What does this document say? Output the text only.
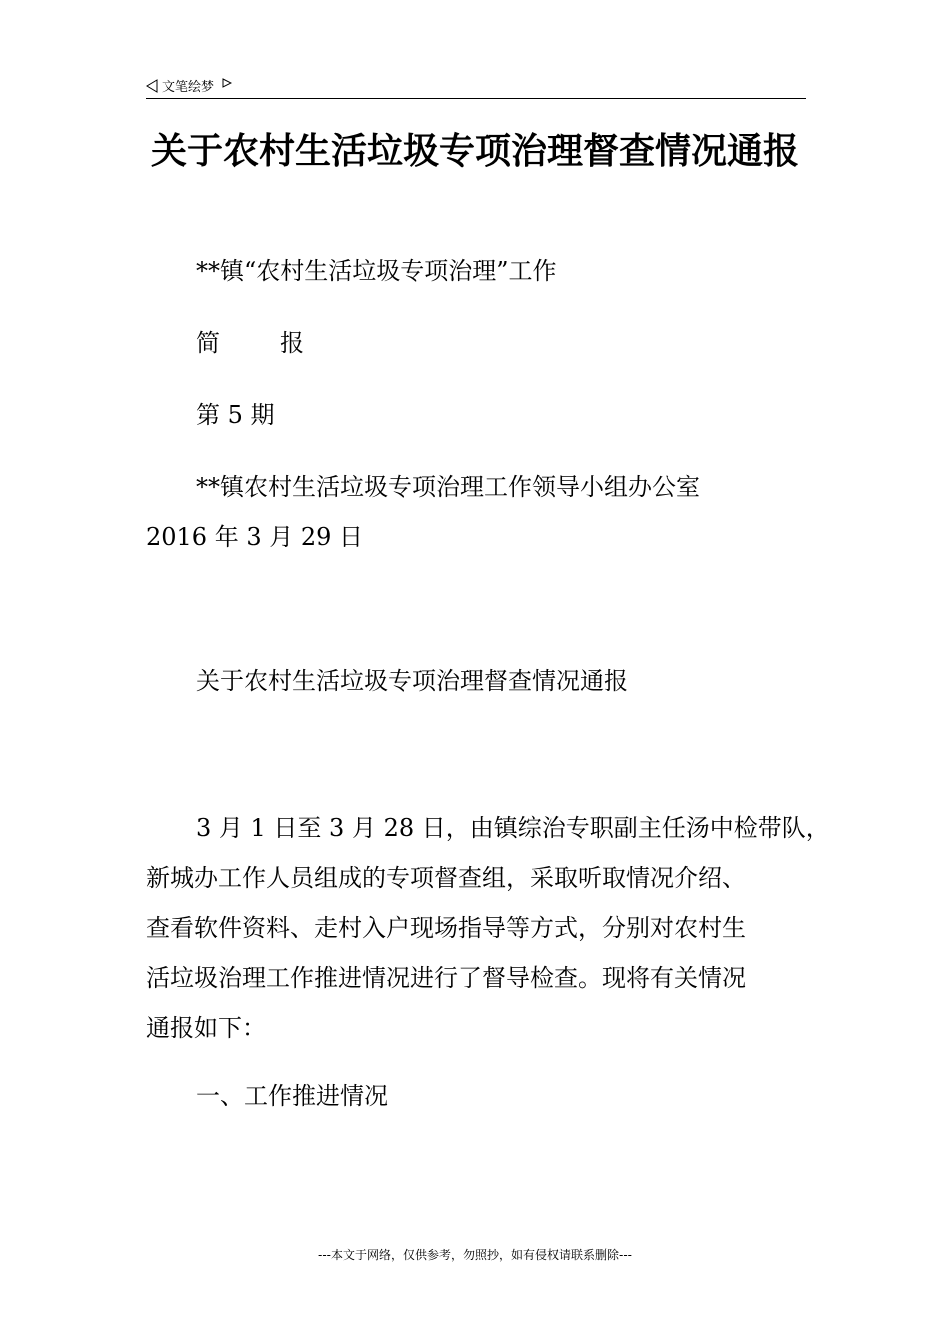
文笔绘梦
关于农村生活垃圾专项治理督查情况通报
**镇“农村生活垃圾专项治理”工作
简	报
第 5 期
**镇农村生活垃圾专项治理工作领导小组办公室
2016 年 3 月 29 日
关于农村生活垃圾专项治理督查情况通报
3 月 1 日至 3 月 28 日，由镇综治专职副主任汤中检带队，
新城办工作人员组成的专项督查组，采取听取情况介绍、
查看软件资料、走村入户现场指导等方式，分别对农村生
活垃圾治理工作推进情况进行了督导检查。现将有关情况
通报如下：
一、工作推进情况
---本文于网络，仅供参考，勿照抄，如有侵权请联系删除---
